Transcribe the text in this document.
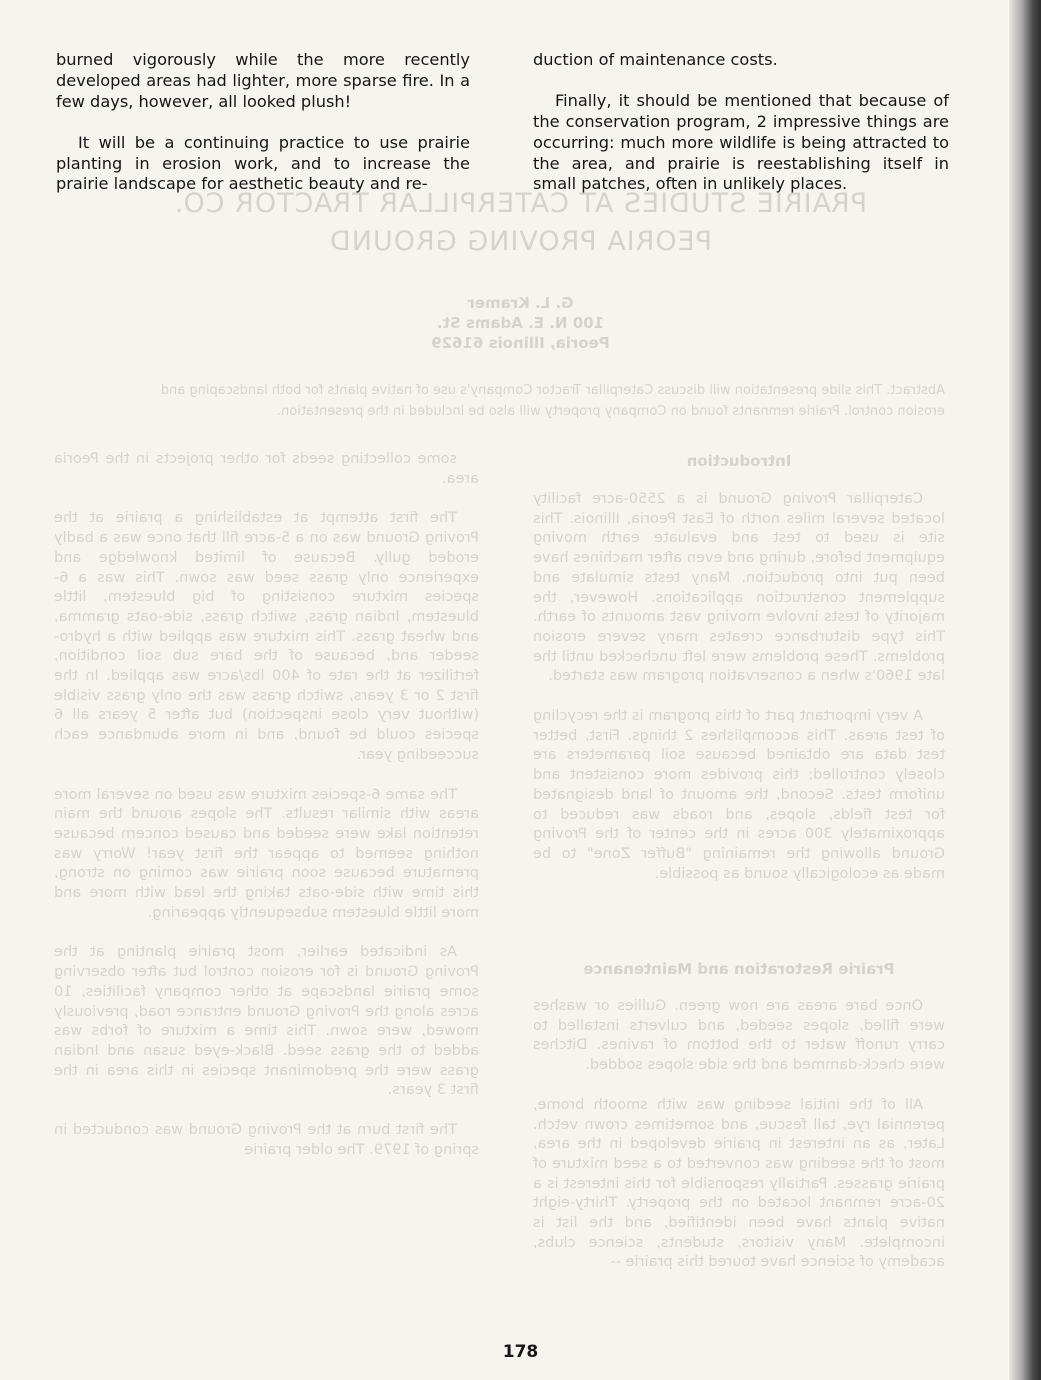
PRAIRIE STUDIES AT CATERPILLAR TRACTOR CO.
PEORIA PROVING GROUND
G. L. Kramer
100 N. E. Adams St.
Peoria, Illinois 61629
Abstract. This slide presentation will discuss Caterpillar Tractor Company's use of native plants for both landscaping and erosion control. Prairie remnants found on Company property will also be included in the presentation.
Introduction

Caterpillar Proving Ground is a 2550-acre facility located several miles north of East Peoria, Illinois. This site is used to test and evaluate earth moving equipment before, during and even after machines have been put into production. Many tests simulate and supplement construction applications. However, the majority of tests involve moving vast amounts of earth. This type disturbance creates many severe erosion problems. These problems were left unchecked until the late 1960's when a conservation program was started.

A very important part of this program is the recycling of test areas. This accomplishes 2 things. First, better test data are obtained because soil parameters are closely controlled; this provides more consistent and uniform tests. Second, the amount of land designated for test fields, slopes, and roads was reduced to approximately 300 acres in the center of the Proving Ground allowing the remaining "Buffer Zone" to be made as ecologically sound as possible.

Prairie Restoration and Maintenance

Once bare areas are now green. Gullies or washes were filled, slopes seeded, and culverts installed to carry runoff water to the bottom of ravines. Ditches were check-dammed and the side slopes sodded.

All of the initial seeding was with smooth brome, perennial rye, tall fescue, and sometimes crown vetch. Later, as an interest in prairie developed in the area, most of the seeding was converted to a seed mixture of prairie grasses. Partially responsible for this interest is a 20-acre remnant located on the property. Thirty-eight native plants have been identified, and the list is incomplete. Many visitors, students, science clubs, academy of science have toured this prairie --

some collecting seeds for other projects in the Peoria area.

The first attempt at establishing a prairie at the Proving Ground was on a 5-acre fill that once was a badly eroded gully. Because of limited knowledge and experience only grass seed was sown. This was a 6-species mixture consisting of big bluestem, little bluestem, Indian grass, switch grass, side-oats gramma, and wheat grass. This mixture was applied with a hydro-seeder and, because of the bare sub soil condition, fertilizer at the rate of 400 lbs/acre was applied. In the first 2 or 3 years, switch grass was the only grass visible (without very close inspection) but after 5 years all 6 species could be found, and in more abundance each succeeding year.

The same 6-species mixture was used on several more areas with similar results. The slopes around the main retention lake were seeded and caused concern because nothing seemed to appear the first year! Worry was premature because soon prairie was coming on strong, this time with side-oats taking the lead with more and more little bluestem subsequently appearing.

As indicated earlier, most prairie planting at the Proving Ground is for erosion control but after observing some prairie landscape at other company facilities, 10 acres along the Proving Ground entrance road, previously mowed, were sown. This time a mixture of forbs was added to the grass seed. Black-eyed susan and Indian grass were the predominant species in this area in the first 3 years.

The first burn at the Proving Ground was conducted in spring of 1979. The older prairie

burned vigorously while the more recently developed areas had lighter, more sparse fire. In a few days, however, all looked plush!

It will be a continuing practice to use prairie planting in erosion work, and to increase the prairie landscape for aesthetic beauty and re-

duction of maintenance costs.

Finally, it should be mentioned that because of the conservation program, 2 impressive things are occurring: much more wildlife is being attracted to the area, and prairie is reestablishing itself in small patches, often in unlikely places.

178
